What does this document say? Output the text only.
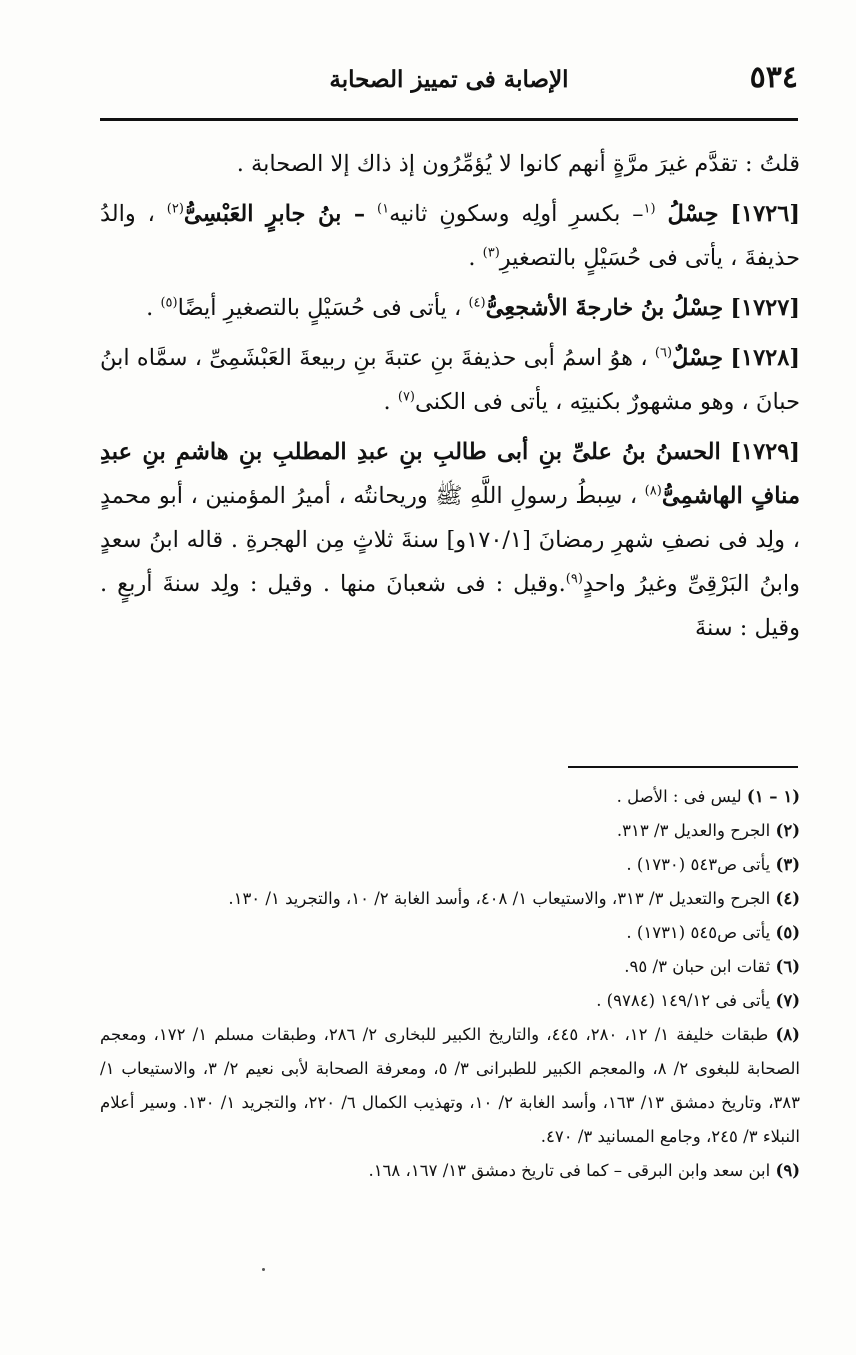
٥٣٤
الإصابة فى تمييز الصحابة

قلتُ : تقدَّم غيرَ مرَّةٍ أنهم كانوا لا يُؤمِّرُون إذ ذاك إلا الصحابة .

[١٧٢٦] حِسْلُ $^{(١}$– بكسرِ أولِه وسكونِ ثانيه$^{١)}$ – بنُ جابرٍ العَبْسِىُّ$^{(٢)}$ ، والدُ حذيفةَ ، يأتى فى حُسَيْلٍ بالتصغيرِ$^{(٣)}$ .

[١٧٢٧] حِسْلُ بنُ خارجةَ الأشجعِىُّ$^{(٤)}$ ، يأتى فى حُسَيْلٍ بالتصغيرِ أيضًا$^{(٥)}$ .

[١٧٢٨] حِسْلٌ$^{(٦)}$ ، هوُ اسمُ أبى حذيفةَ بنِ عتبةَ بنِ ربيعةَ العَبْشَمِىِّ ، سمَّاه ابنُ حبانَ ، وهو مشهورٌ بكنيتِه ، يأتى فى الكنى$^{(٧)}$ .

[١٧٢٩] الحسنُ بنُ علىِّ بنِ أبى طالبِ بنِ عبدِ المطلبِ بنِ هاشمِ بنِ عبدِ منافٍ الهاشمِىُّ$^{(٨)}$ ، سِبطُ رسولِ اللَّهِ ﷺ وريحانتُه ، أميرُ المؤمنين ، أبو محمدٍ ، ولِد فى نصفِ شهرِ رمضانَ [١٧٠/١و] سنةَ ثلاثٍ مِن الهجرةِ . قاله ابنُ سعدٍ وابنُ البَرْقِىِّ وغيرُ واحدٍ$^{(٩)}$.وقيل : فى شعبانَ منها . وقيل : ولِد سنةَ أربعٍ . وقيل : سنةَ

(١ – ١) ليس فى : الأصل .

(٢) الجرح والعديل ٣/ ٣١٣.

(٣) يأتى ص٥٤٣ (١٧٣٠) .

(٤) الجرح والتعديل ٣/ ٣١٣، والاستيعاب ١/ ٤٠٨، وأسد الغابة ٢/ ١٠، والتجريد ١/ ١٣٠.

(٥) يأتى ص٥٤٥ (١٧٣١) .

(٦) ثقات ابن حبان ٣/ ٩٥.

(٧) يأتى فى ١٤٩/١٢ (٩٧٨٤) .

(٨) طبقات خليفة ١/ ١٢، ٢٨٠، ٤٤٥، والتاريخ الكبير للبخارى ٢/ ٢٨٦، وطبقات مسلم ١/ ١٧٢، ومعجم الصحابة للبغوى ٢/ ٨، والمعجم الكبير للطبرانى ٣/ ٥، ومعرفة الصحابة لأبى نعيم ٢/ ٣، والاستيعاب ١/ ٣٨٣، وتاريخ دمشق ١٣/ ١٦٣، وأسد الغابة ٢/ ١٠، وتهذيب الكمال ٦/ ٢٢٠، والتجريد ١/ ١٣٠. وسير أعلام النبلاء ٣/ ٢٤٥، وجامع المسانيد ٣/ ٤٧٠.

(٩) ابن سعد وابن البرقى – كما فى تاريخ دمشق ١٣/ ١٦٧، ١٦٨.
